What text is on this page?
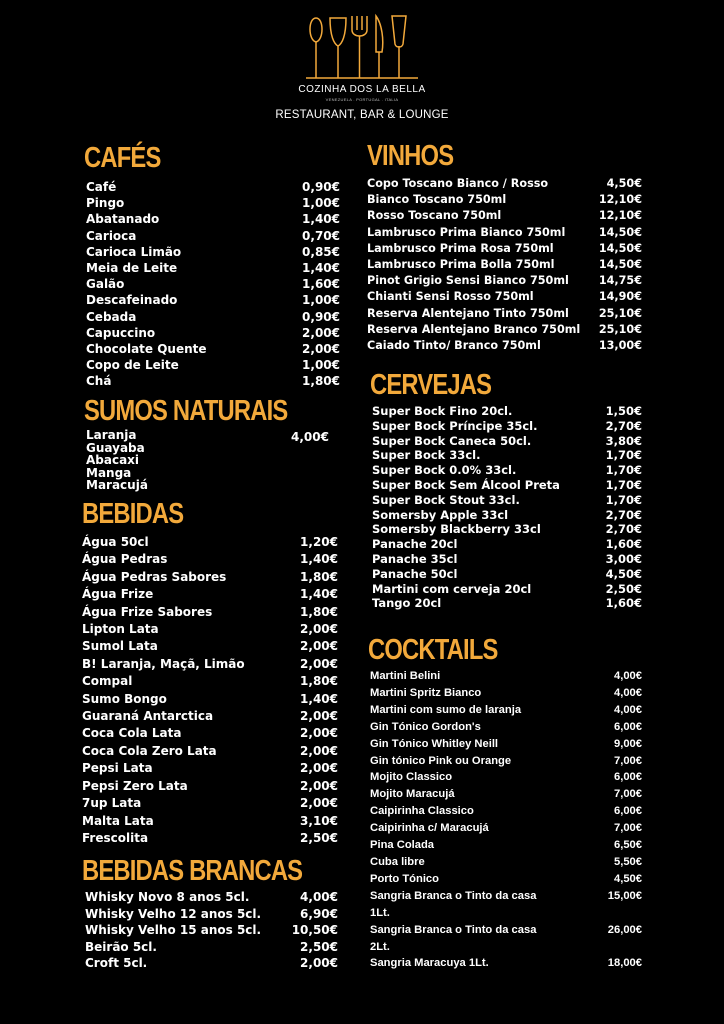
COZINHA DOS LA BELLA
VENEZUELA . PORTUGAL . ITALIA
RESTAURANT, BAR & LOUNGE
CAFÉS
Café	0,90€
Pingo	1,00€
Abatanado	1,40€
Carioca	0,70€
Carioca Limão	0,85€
Meia de Leite	1,40€
Galão	1,60€
Descafeinado	1,00€
Cebada	0,90€
Capuccino	2,00€
Chocolate Quente	2,00€
Copo de Leite	1,00€
Chá	1,80€
SUMOS NATURAIS
Laranja
Guayaba
Abacaxi
Manga
Maracujá
4,00€
BEBIDAS
Água 50cl	1,20€
Água Pedras	1,40€
Água Pedras Sabores	1,80€
Água Frize	1,40€
Água Frize Sabores	1,80€
Lipton Lata	2,00€
Sumol Lata	2,00€
B! Laranja, Maçã, Limão	2,00€
Compal	1,80€
Sumo Bongo	1,40€
Guaraná Antarctica	2,00€
Coca Cola Lata	2,00€
Coca Cola Zero Lata	2,00€
Pepsi Lata	2,00€
Pepsi Zero Lata	2,00€
7up Lata	2,00€
Malta Lata	3,10€
Frescolita	2,50€
BEBIDAS BRANCAS
Whisky Novo 8 anos 5cl.	4,00€
Whisky Velho 12 anos 5cl.	6,90€
Whisky Velho 15 anos 5cl.	10,50€
Beirão 5cl.	2,50€
Croft 5cl.	2,00€
VINHOS
Copo Toscano Bianco / Rosso	4,50€
Bianco Toscano 750ml	12,10€
Rosso Toscano 750ml	12,10€
Lambrusco Prima Bianco 750ml	14,50€
Lambrusco Prima Rosa 750ml	14,50€
Lambrusco Prima Bolla 750ml	14,50€
Pinot Grigio Sensi Bianco 750ml	14,75€
Chianti Sensi Rosso 750ml	14,90€
Reserva Alentejano Tinto 750ml	25,10€
Reserva Alentejano Branco 750ml 25,10€
Caiado Tinto/ Branco 750ml	13,00€
CERVEJAS
Super Bock Fino 20cl.	1,50€
Super Bock Príncipe 35cl.	2,70€
Super Bock Caneca 50cl.	3,80€
Super Bock 33cl.	1,70€
Super Bock 0.0% 33cl.	1,70€
Super Bock Sem Álcool Preta	1,70€
Super Bock Stout 33cl.	1,70€
Somersby Apple 33cl	2,70€
Somersby Blackberry 33cl	2,70€
Panache 20cl	1,60€
Panache 35cl	3,00€
Panache 50cl	4,50€
Martini com cerveja 20cl	2,50€
Tango 20cl	1,60€
COCKTAILS
Martini Belini	4,00€
Martini Spritz Bianco	4,00€
Martini com sumo de laranja	4,00€
Gin Tónico Gordon's	6,00€
Gin Tónico Whitley Neill	9,00€
Gin tónico Pink ou Orange	7,00€
Mojito Classico	6,00€
Mojito Maracujá	7,00€
Caipirinha Classico	6,00€
Caipirinha c/ Maracujá	7,00€
Pina Colada	6,50€
Cuba libre	5,50€
Porto Tónico	4,50€
Sangria Branca o Tinto da casa 1Lt.
15,00€
Sangria Branca o Tinto da casa 2Lt.
26,00€
Sangria Maracuya 1Lt.	18,00€
